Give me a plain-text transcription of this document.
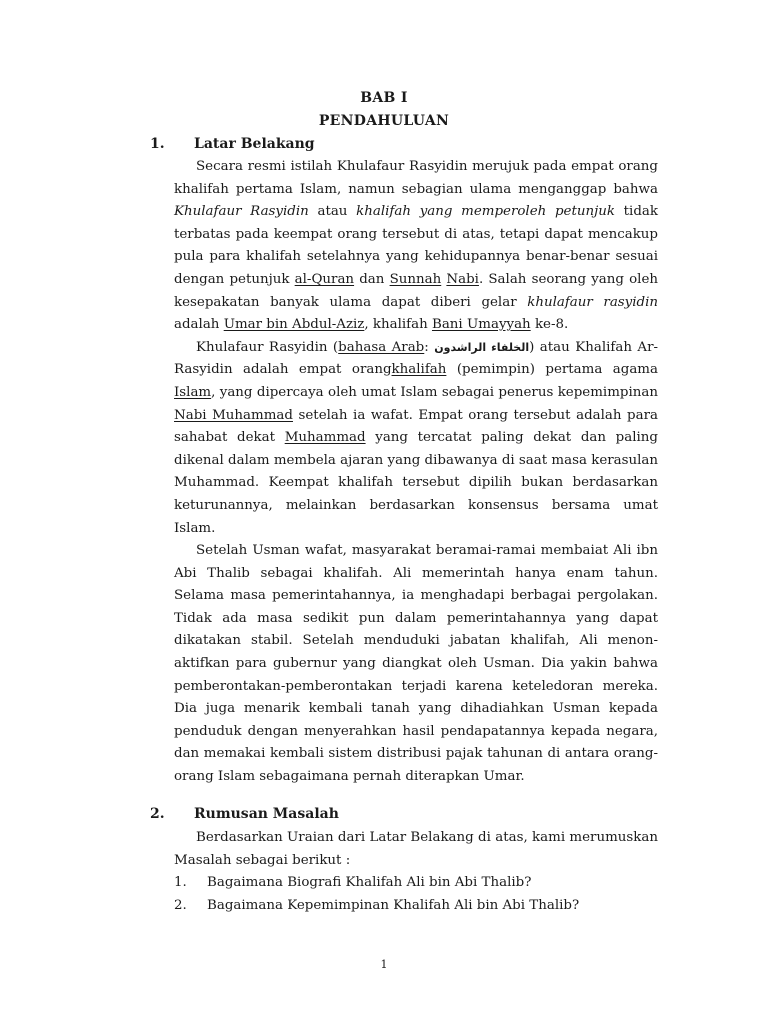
BAB I
PENDAHULUAN
1. Latar Belakang

Secara resmi istilah Khulafaur Rasyidin merujuk pada empat orang khalifah pertama Islam, namun sebagian ulama menganggap bahwa Khulafaur Rasyidin atau khalifah yang memperoleh petunjuk tidak terbatas pada keempat orang tersebut di atas, tetapi dapat mencakup pula para khalifah setelahnya yang kehidupannya benar-benar sesuai dengan petunjuk al-Quran dan Sunnah Nabi. Salah seorang yang oleh kesepakatan banyak ulama dapat diberi gelar khulafaur rasyidin adalah Umar bin Abdul-Aziz, khalifah Bani Umayyah ke-8.

Khulafaur Rasyidin (bahasa Arab: الخلفاء الراشدون) atau Khalifah Ar-Rasyidin adalah empat orangkhalifah (pemimpin) pertama agama Islam, yang dipercaya oleh umat Islam sebagai penerus kepemimpinan Nabi Muhammad setelah ia wafat. Empat orang tersebut adalah para sahabat dekat Muhammad yang tercatat paling dekat dan paling dikenal dalam membela ajaran yang dibawanya di saat masa kerasulan Muhammad. Keempat khalifah tersebut dipilih bukan berdasarkan keturunannya, melainkan berdasarkan konsensus bersama umat Islam.

Setelah Usman wafat, masyarakat beramai-ramai membaiat Ali ibn Abi Thalib sebagai khalifah. Ali memerintah hanya enam tahun. Selama masa pemerintahannya, ia menghadapi berbagai pergolakan. Tidak ada masa sedikit pun dalam pemerintahannya yang dapat dikatakan stabil. Setelah menduduki jabatan khalifah, Ali menon-aktifkan para gubernur yang diangkat oleh Usman. Dia yakin bahwa pemberontakan-pemberontakan terjadi karena keteledoran mereka. Dia juga menarik kembali tanah yang dihadiahkan Usman kepada penduduk dengan menyerahkan hasil pendapatannya kepada negara, dan memakai kembali sistem distribusi pajak tahunan di antara orang-orang Islam sebagaimana pernah diterapkan Umar.

2. Rumusan Masalah

Berdasarkan Uraian dari Latar Belakang di atas, kami merumuskan Masalah sebagai berikut :

1. Bagaimana Biografi Khalifah Ali bin Abi Thalib?
2. Bagaimana Kepemimpinan Khalifah Ali bin Abi Thalib?
1
